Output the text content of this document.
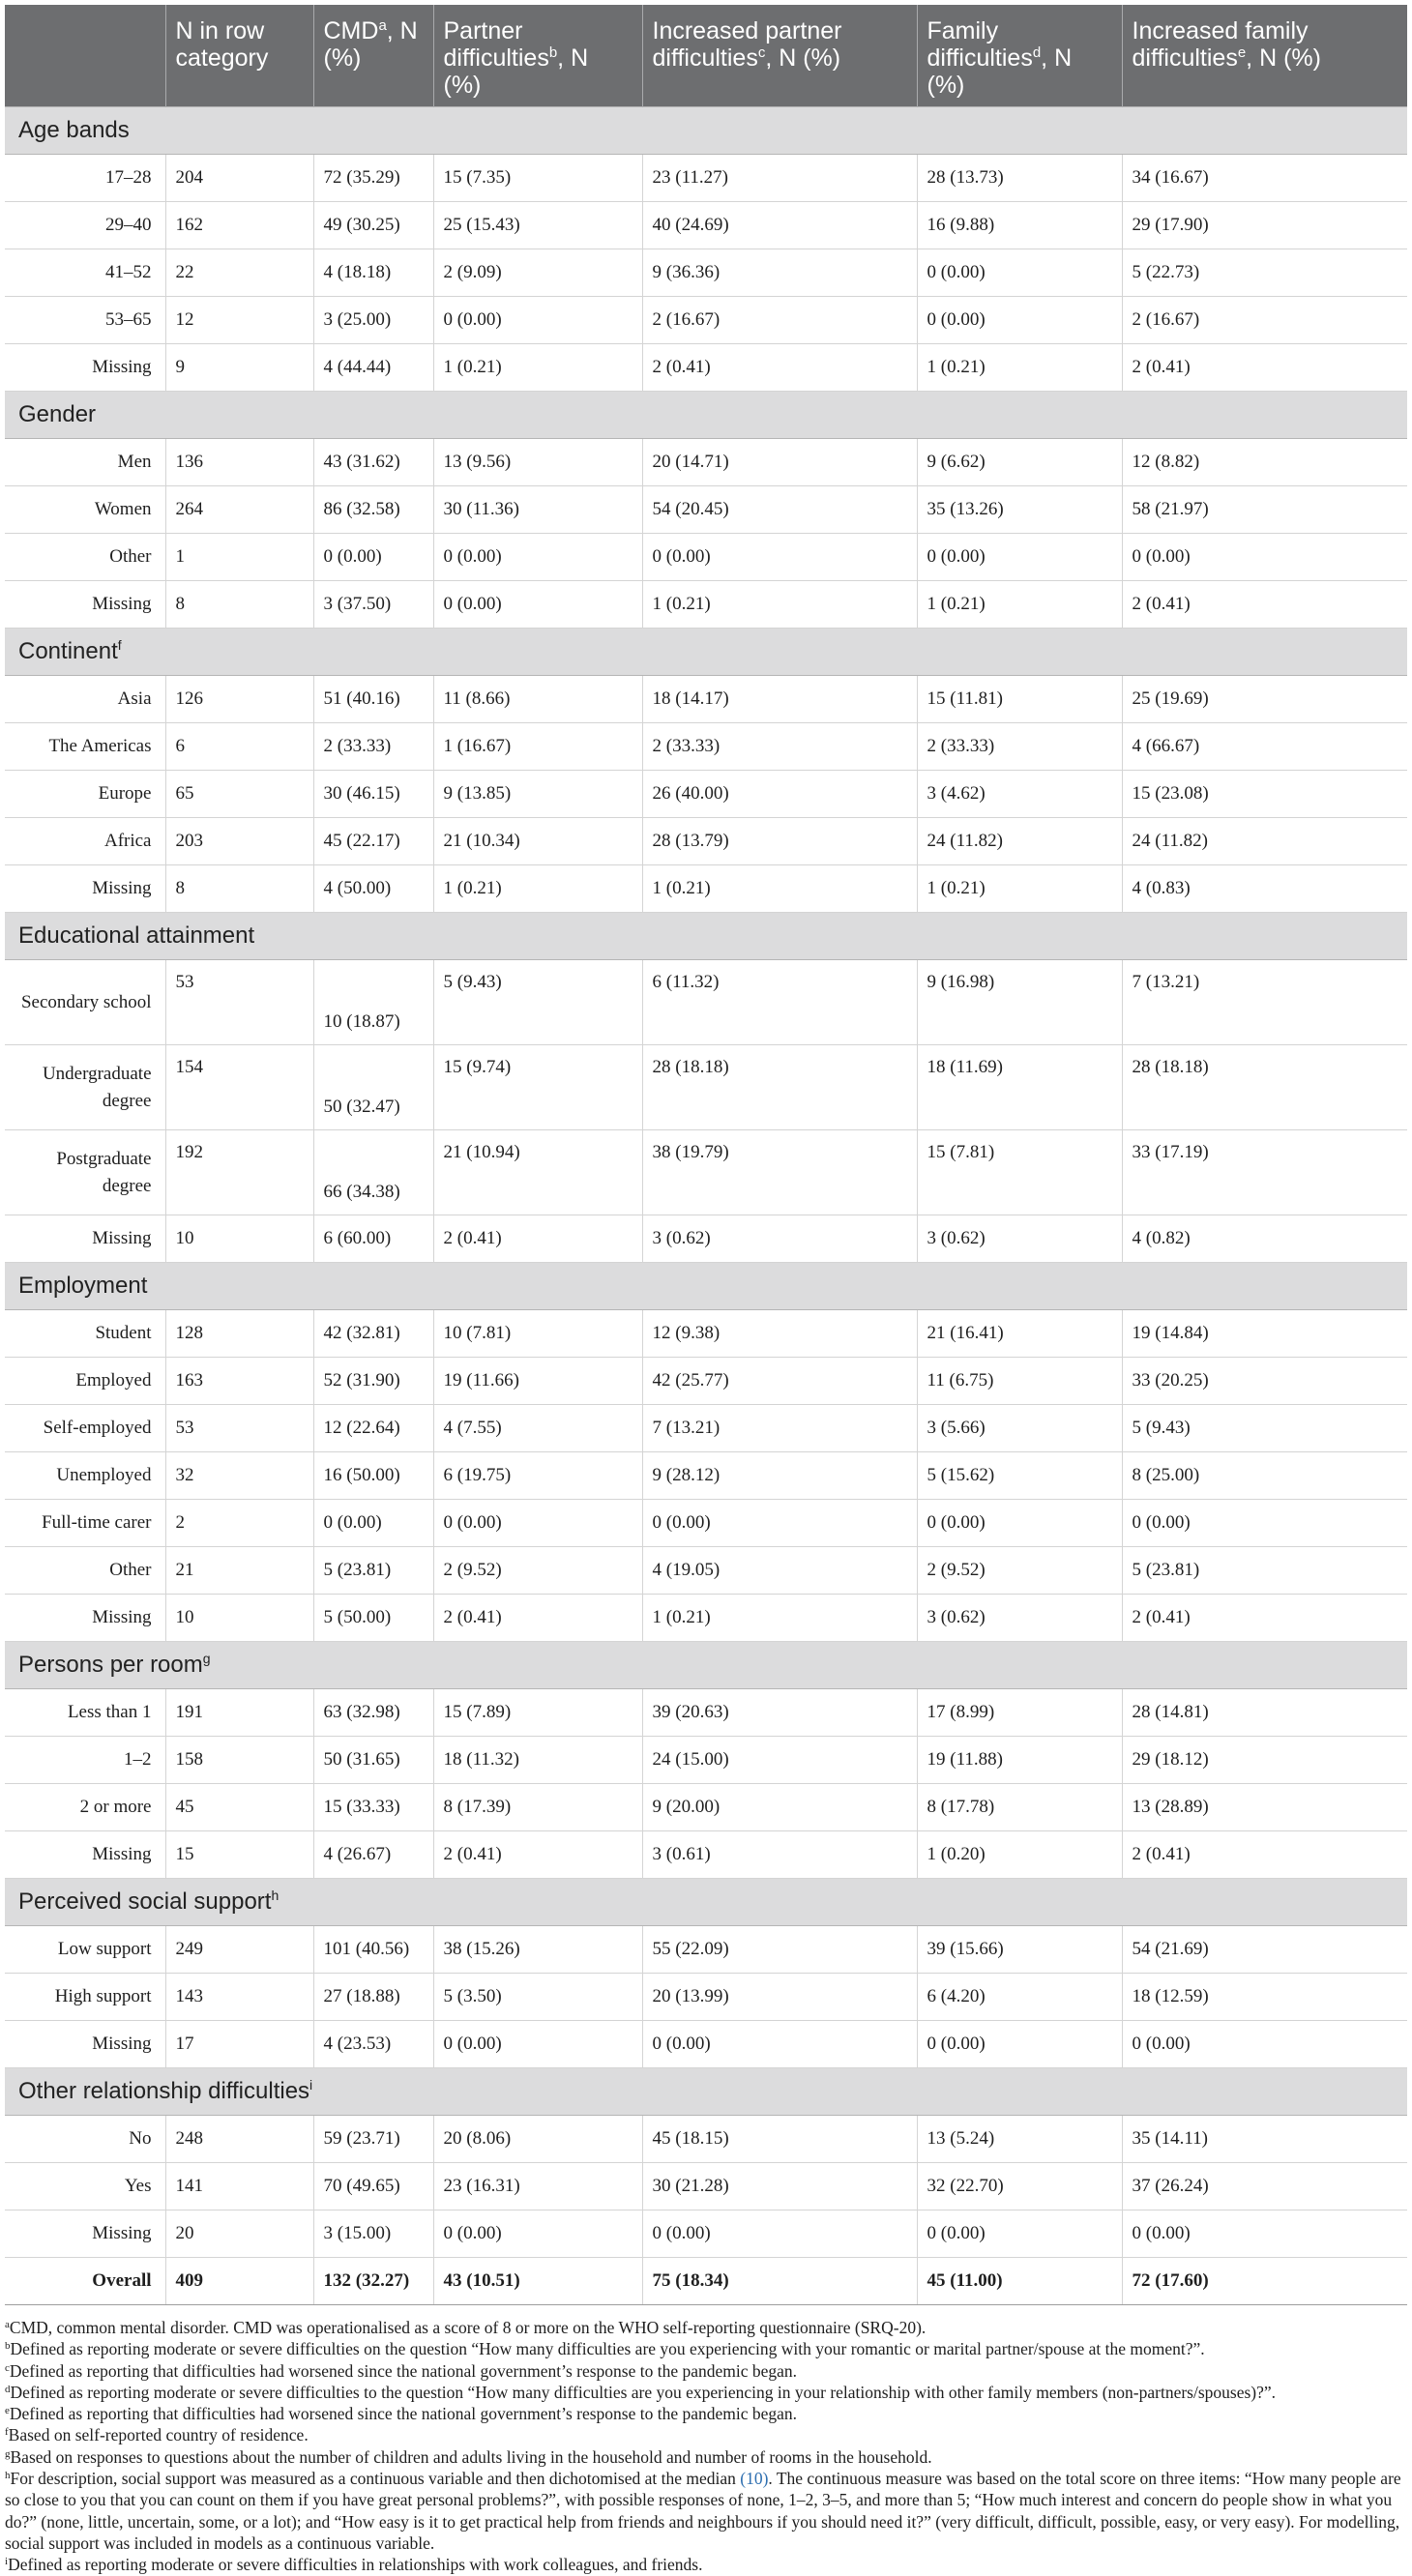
	N in row category	CMD$^a$, N (%)	Partner difficulties$^b$, N (%)	Increased partner difficulties$^c$, N (%)	Family difficulties$^d$, N (%)	Increased family difficulties$^e$, N (%)
Age bands						
17–28	204	72 (35.29)	15 (7.35)	23 (11.27)	28 (13.73)	34 (16.67)
29–40	162	49 (30.25)	25 (15.43)	40 (24.69)	16 (9.88)	29 (17.90)
41–52	22	4 (18.18)	2 (9.09)	9 (36.36)	0 (0.00)	5 (22.73)
53–65	12	3 (25.00)	0 (0.00)	2 (16.67)	0 (0.00)	2 (16.67)
Missing	9	4 (44.44)	1 (0.21)	2 (0.41)	1 (0.21)	2 (0.41)
Gender						
Men	136	43 (31.62)	13 (9.56)	20 (14.71)	9 (6.62)	12 (8.82)
Women	264	86 (32.58)	30 (11.36)	54 (20.45)	35 (13.26)	58 (21.97)
Other	1	0 (0.00)	0 (0.00)	0 (0.00)	0 (0.00)	0 (0.00)
Missing	8	3 (37.50)	0 (0.00)	1 (0.21)	1 (0.21)	2 (0.41)
Continent$^f$
Asia	126	51 (40.16)	11 (8.66)	18 (14.17)	15 (11.81)	25 (19.69)
The Americas	6	2 (33.33)	1 (16.67)	2 (33.33)	2 (33.33)	4 (66.67)
Europe	65	30 (46.15)	9 (13.85)	26 (40.00)	3 (4.62)	15 (23.08)
Africa	203	45 (22.17)	21 (10.34)	28 (13.79)	24 (11.82)	24 (11.82)
Missing	8	4 (50.00)	1 (0.21)	1 (0.21)	1 (0.21)	4 (0.83)
Educational attainment						
Secondary school	53	10 (18.87)	5 (9.43)	6 (11.32)	9 (16.98)	7 (13.21)
Undergraduate degree	154	50 (32.47)	15 (9.74)	28 (18.18)	18 (11.69)	28 (18.18)
Postgraduate degree	192	66 (34.38)	21 (10.94)	38 (19.79)	15 (7.81)	33 (17.19)
Missing	10	6 (60.00)	2 (0.41)	3 (0.62)	3 (0.62)	4 (0.82)
Employment						
Student	128	42 (32.81)	10 (7.81)	12 (9.38)	21 (16.41)	19 (14.84)
Employed	163	52 (31.90)	19 (11.66)	42 (25.77)	11 (6.75)	33 (20.25)
Self-employed	53	12 (22.64)	4 (7.55)	7 (13.21)	3 (5.66)	5 (9.43)
Unemployed	32	16 (50.00)	6 (19.75)	9 (28.12)	5 (15.62)	8 (25.00)
Full-time carer	2	0 (0.00)	0 (0.00)	0 (0.00)	0 (0.00)	0 (0.00)
Other	21	5 (23.81)	2 (9.52)	4 (19.05)	2 (9.52)	5 (23.81)
Missing	10	5 (50.00)	2 (0.41)	1 (0.21)	3 (0.62)	2 (0.41)
Persons per room$^g$
Less than 1	191	63 (32.98)	15 (7.89)	39 (20.63)	17 (8.99)	28 (14.81)
1–2	158	50 (31.65)	18 (11.32)	24 (15.00)	19 (11.88)	29 (18.12)
2 or more	45	15 (33.33)	8 (17.39)	9 (20.00)	8 (17.78)	13 (28.89)
Missing	15	4 (26.67)	2 (0.41)	3 (0.61)	1 (0.20)	2 (0.41)
Perceived social support$^h$
Low support	249	101 (40.56)	38 (15.26)	55 (22.09)	39 (15.66)	54 (21.69)
High support	143	27 (18.88)	5 (3.50)	20 (13.99)	6 (4.20)	18 (12.59)
Missing	17	4 (23.53)	0 (0.00)	0 (0.00)	0 (0.00)	0 (0.00)
Other relationship difficulties$^i$
No	248	59 (23.71)	20 (8.06)	45 (18.15)	13 (5.24)	35 (14.11)
Yes	141	70 (49.65)	23 (16.31)	30 (21.28)	32 (22.70)	37 (26.24)
Missing	20	3 (15.00)	0 (0.00)	0 (0.00)	0 (0.00)	0 (0.00)
Overall	409	132 (32.27)	43 (10.51)	75 (18.34)	45 (11.00)	72 (17.60)
$^a$CMD, common mental disorder. CMD was operationalised as a score of 8 or more on the WHO self-reporting questionnaire (SRQ-20).
$^b$Defined as reporting moderate or severe difficulties on the question “How many difficulties are you experiencing with your romantic or marital partner/spouse at the moment?”.
$^c$Defined as reporting that difficulties had worsened since the national government’s response to the pandemic began.
$^d$Defined as reporting moderate or severe difficulties to the question “How many difficulties are you experiencing in your relationship with other family members (non-partners/spouses)?”.
$^e$Defined as reporting that difficulties had worsened since the national government’s response to the pandemic began.
$^f$Based on self-reported country of residence.
$^g$Based on responses to questions about the number of children and adults living in the household and number of rooms in the household.
$^h$For description, social support was measured as a continuous variable and then dichotomised at the median (10). The continuous measure was based on the total score on three items: “How many people are so close to you that you can count on them if you have great personal problems?”, with possible responses of none, 1–2, 3–5, and more than 5; “How much interest and concern do people show in what you do?” (none, little, uncertain, some, or a lot); and “How easy is it to get practical help from friends and neighbours if you should need it?” (very difficult, difficult, possible, easy, or very easy). For modelling, social support was included in models as a continuous variable.
$^i$Defined as reporting moderate or severe difficulties in relationships with work colleagues, and friends.
